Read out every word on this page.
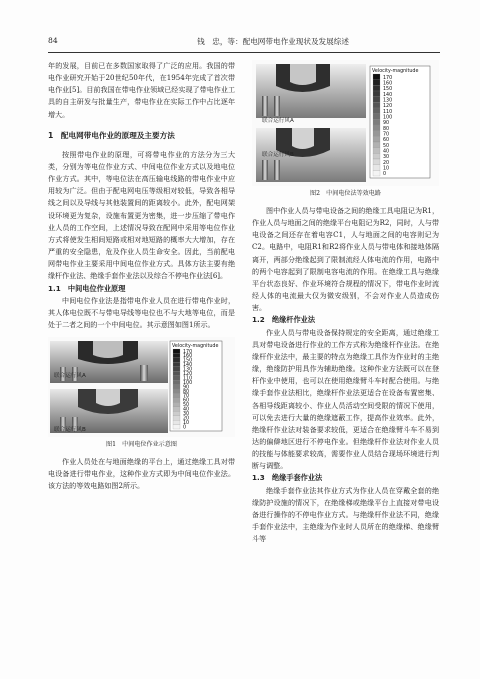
84	钱　忠，等：配电网带电作业现状及发展综述

年的发展，目前已在多数国家取得了广泛的应用。我国的带电作业研究开始于20世纪50年代，在1954年完成了首次带电作业[5]。目前我国在带电作业领域已经实现了带电作业工具的自主研发与批量生产，带电作业在实际工作中占比逐年增大。

1　配电网带电作业的原理及主要方法

按照带电作业的原理，可将带电作业的方法分为三大类，分别为等电位作业方式、中间电位作业方式以及地电位作业方式。其中，等电位法在高压输电线路的带电作业中应用较为广泛。但由于配电网电压等级相对较低，导致各相导线之间以及导线与其他装置间的距离较小。此外，配电网架设环境更为复杂，设施布置更为密集，进一步压缩了带电作业人员的工作空间，上述情况导致在配网中采用等电位作业方式将使发生相间短路或相对地短路的概率大大增加，存在严重的安全隐患，危及作业人员生命安全。因此，当前配电网带电作业主要采用中间电位作业方式。具体方法主要有绝缘杆作业法、绝缘手套作业法以及综合不停电作业法[6]。

1.1　中间电位作业原理

中间电位作业法是指带电作业人员在进行带电作业时，其人体电位既不与带电导线等电位也不与大地等电位，而是处于二者之间的一个中间电位。其示意图如图1所示。

联合运行风A
联合运行风B
Velocity-magnitude
170
160
150
140
130
120
110
100
90
80
70
60
50
40
30
20
10
0
图1　中间电位作业示意图

作业人员处在与地面绝缘的平台上，通过绝缘工具对带电设备进行带电作业，这种作业方式即为中间电位作业法。该方法的等效电路如图2所示。

联合运行风A
联合运行风B
Velocity-magnitude
170
160
150
140
130
120
110
100
90
80
70
60
50
40
30
20
10
0
图2　中间电位法等效电路

图中作业人员与带电设备之间的绝缘工具电阻记为R1，作业人员与地面之间的绝缘平台电阻记为R2，同时，人与带电设备之间还存在着电容C1，人与地面之间的电容则记为C2。电路中，电阻R1和R2将作业人员与带电体和接地体隔离开，两部分绝缘起到了限制流经人体电流的作用，电路中的两个电容起到了限制电容电流的作用。在绝缘工具与绝缘平台状态良好、作业环境符合规程的情况下，带电作业时流经人体的电流最大仅为微安级别，不会对作业人员造成伤害。

1.2　绝缘杆作业法

作业人员与带电设备保持规定的安全距离，通过绝缘工具对带电设备进行作业的工作方式称为绝缘杆作业法。在绝缘杆作业法中，最主要的特点为绝缘工具作为作业时的主绝缘，绝缘防护用具作为辅助绝缘。这种作业方法既可以在登杆作业中使用，也可以在使用绝缘臂斗车时配合使用。与绝缘手套作业法相比，绝缘杆作业法更适合在设备布置密集、各相导线距离较小、作业人员活动空间受限的情况下使用，可以免去进行大量的绝缘遮蔽工作，提高作业效率。此外，绝缘杆作业法对装备要求较低，更适合在绝缘臂斗车不易到达的偏僻地区进行不停电作业。但绝缘杆作业法对作业人员的技能与体能要求较高，需要作业人员结合现场环境进行判断与调整。

1.3　绝缘手套作业法

绝缘手套作业法其作业方式为作业人员在穿戴全套的绝缘防护设施的情况下，在绝缘梯或绝缘平台上直接对带电设备进行操作的不停电作业方式。与绝缘杆作业法不同，绝缘手套作业法中，主绝缘为作业时人员所在的绝缘梯、绝缘臂斗等
